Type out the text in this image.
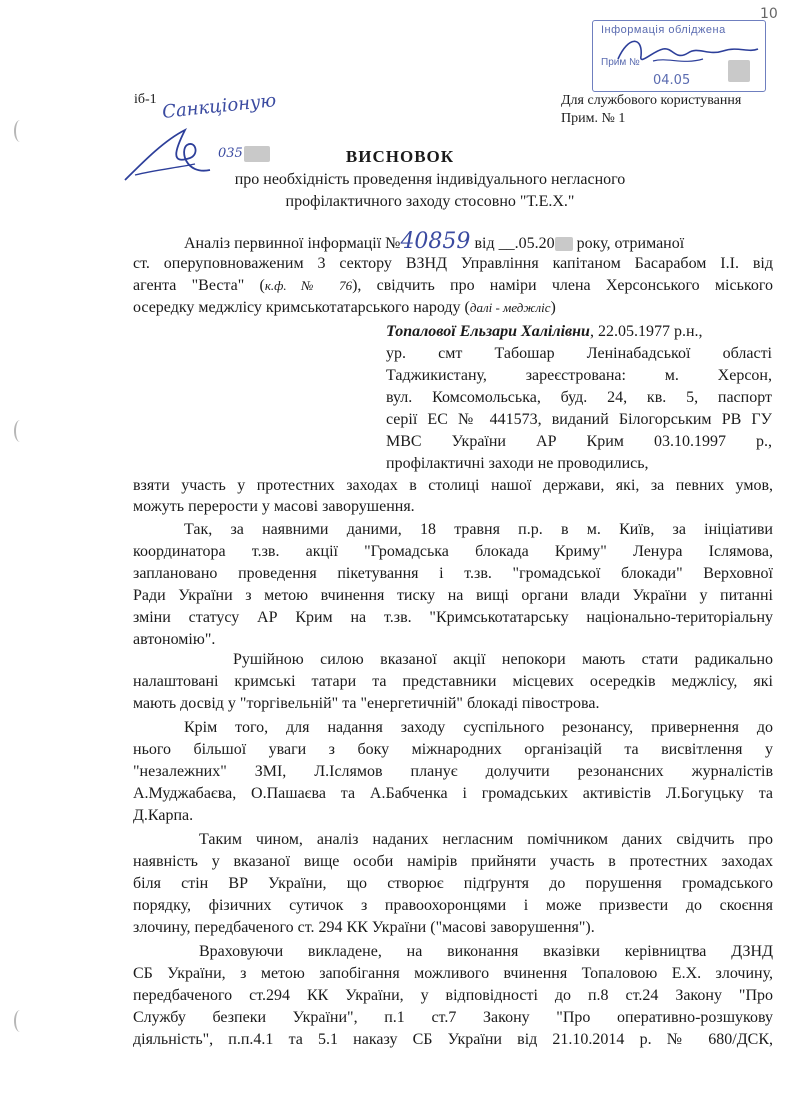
10
Інформація обліджена
Прим №
04.05
іб-1 Санкціоную
035
Для службового користування
Прим. № 1
ВИСНОВОК
про необхідність проведення індивідуального негласного
профілактичного заходу стосовно "Т.Е.Х."
Аналіз первинної інформації №40859 від __.05.20 року, отриманої
ст. оперуповноваженим 3 сектору ВЗНД Управління капітаном Басарабом І.І. від
агента "Веста" (к.ф. № 76), свідчить про наміри члена Херсонського міського
осередку меджлісу кримськотатарського народу (далі - меджліс)
Топалової Ельзари Халілівни, 22.05.1977 р.н.,
ур. смт Табошар Ленінабадської області
Таджикистану, зареєстрована: м. Херсон,
вул. Комсомольська, буд. 24, кв. 5, паспорт
серії ЕС № 441573, виданий Білогорським РВ ГУ
МВС України АР Крим 03.10.1997 р.,
профілактичні заходи не проводились,
взяти участь у протестних заходах в столиці нашої держави, які, за певних умов,
можуть перерости у масові заворушення.
Так, за наявними даними, 18 травня п.р. в м. Київ, за ініціативи
координатора т.зв. акції "Громадська блокада Криму" Ленура Іслямова,
заплановано проведення пікетування і т.зв. "громадської блокади" Верховної
Ради України з метою вчинення тиску на вищі органи влади України у питанні
зміни статусу АР Крим на т.зв. "Кримськотатарську національно-територіальну
автономію".
Рушійною силою вказаної акції непокори мають стати радикально
налаштовані кримські татари та представники місцевих осередків меджлісу, які
мають досвід у "торгівельній" та "енергетичній" блокаді півострова.
Крім того, для надання заходу суспільного резонансу, привернення до
нього більшої уваги з боку міжнародних організацій та висвітлення у
"незалежних" ЗМІ, Л.Іслямов планує долучити резонансних журналістів
А.Муджабаєва, О.Пашаєва та А.Бабченка і громадських активістів Л.Богуцьку та
Д.Карпа.
Таким чином, аналіз наданих негласним помічником даних свідчить про
наявність у вказаної вище особи намірів прийняти участь в протестних заходах
біля стін ВР України, що створює підґрунтя до порушення громадського
порядку, фізичних сутичок з правоохоронцями і може призвести до скоєння
злочину, передбаченого ст. 294 КК України ("масові заворушення").
Враховуючи викладене, на виконання вказівки керівництва ДЗНД
СБ України, з метою запобігання можливого вчинення Топаловою Е.Х. злочину,
передбаченого ст.294 КК України, у відповідності до п.8 ст.24 Закону "Про
Службу безпеки України", п.1 ст.7 Закону "Про оперативно-розшукову
діяльність", п.п.4.1 та 5.1 наказу СБ України від 21.10.2014 р. № 680/ДСК,
